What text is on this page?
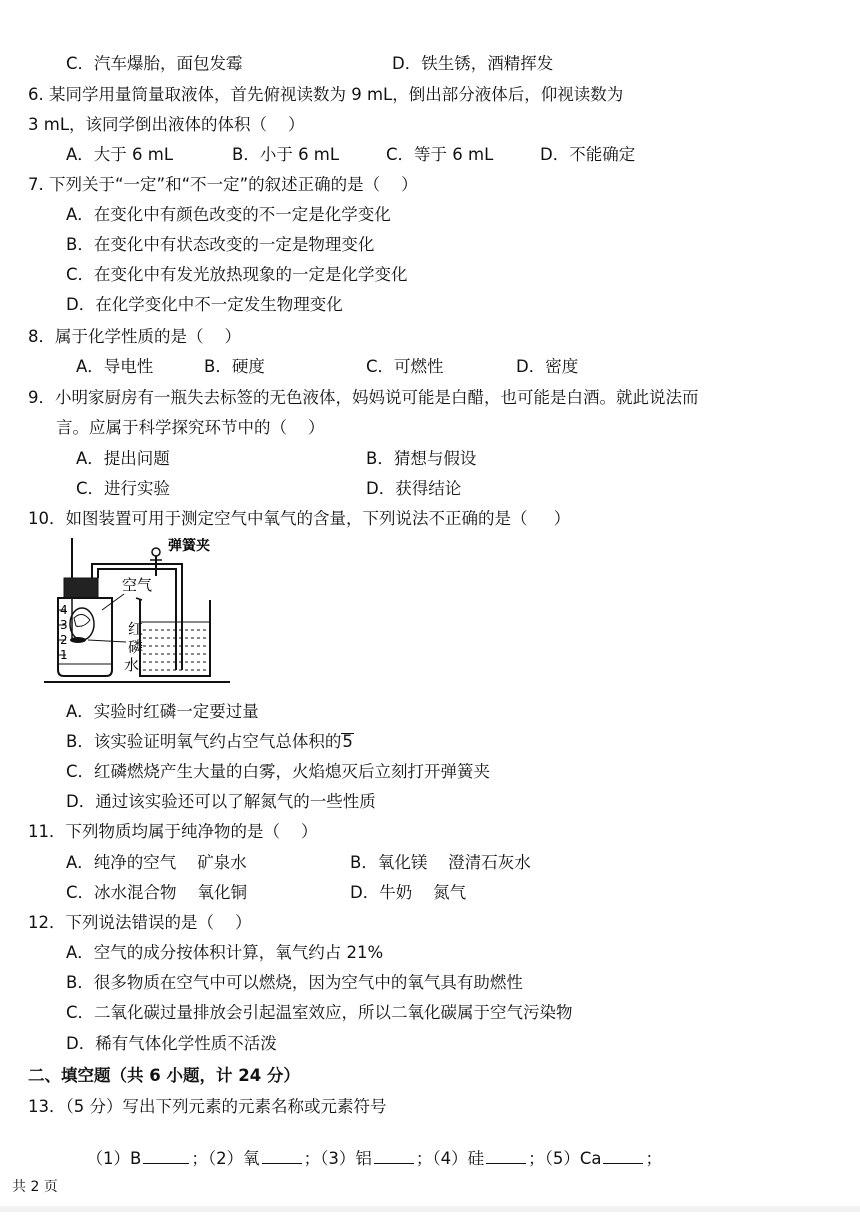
C．汽车爆胎，面包发霉	D．铁生锈，酒精挥发
6. 某同学用量筒量取液体，首先俯视读数为 9 mL，倒出部分液体后，仰视读数为
3 mL，该同学倒出液体的体积（    ）
A．大于 6 mL	B．小于 6 mL	C．等于 6 mL	D．不能确定
7. 下列关于“一定”和“不一定”的叙述正确的是（    ）
A．在变化中有颜色改变的不一定是化学变化
B．在变化中有状态改变的一定是物理变化
C．在变化中有发光放热现象的一定是化学变化
D．在化学变化中不一定发生物理变化
8．属于化学性质的是（    ）
A．导电性	B．硬度	C．可燃性	D．密度
9．小明家厨房有一瓶失去标签的无色液体，妈妈说可能是白醋，也可能是白酒。就此说法而
言。应属于科学探究环节中的（    ）
A．提出问题	B．猜想与假设
C．进行实验	D．获得结论
10．如图装置可用于测定空气中氧气的含量，下列说法不正确的是（     ）
4
3
2
1
弹簧夹
空气
红
磷
水
A．实验时红磷一定要过量
B．该实验证明氧气约占空气总体积的5
C．红磷燃烧产生大量的白雾，火焰熄灭后立刻打开弹簧夹
D．通过该实验还可以了解氮气的一些性质
11．下列物质均属于纯净物的是（    ）
A．纯净的空气    矿泉水	B．氧化镁    澄清石灰水
C．冰水混合物    氧化铜	D．牛奶    氮气
12．下列说法错误的是（    ）
A．空气的成分按体积计算，氧气约占 21%
B．很多物质在空气中可以燃烧，因为空气中的氧气具有助燃性
C．二氧化碳过量排放会引起温室效应，所以二氧化碳属于空气污染物
D．稀有气体化学性质不活泼
二、填空题（共 6 小题，计 24 分）
13．（5 分）写出下列元素的元素名称或元素符号

（1）B	；（2）氧	；（3）铝	；（4）硅	；（5）Ca	；

共 2 页
